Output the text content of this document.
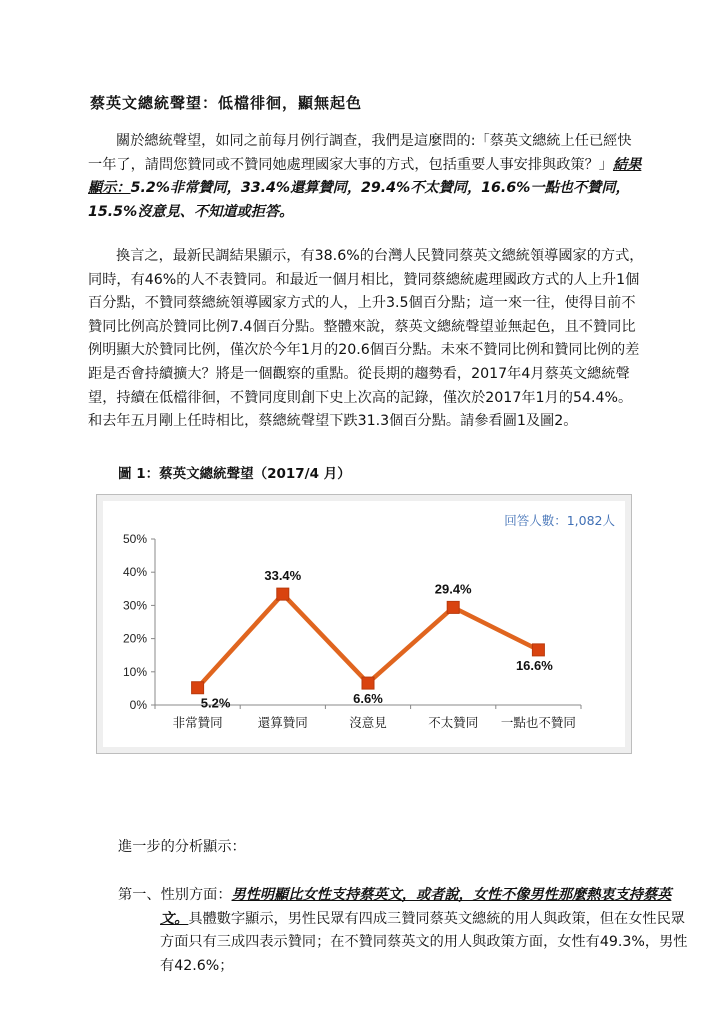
蔡英文總統聲望：低檔徘徊，顯無起色
關於總統聲望，如同之前每月例行調查，我們是這麼問的:「蔡英文總統上任已經快一年了，請問您贊同或不贊同她處理國家大事的方式，包括重要人事安排與政策？」結果顯示：5.2%非常贊同，33.4%還算贊同，29.4%不太贊同，16.6%一點也不贊同，15.5%沒意見、不知道或拒答。
換言之，最新民調結果顯示，有38.6%的台灣人民贊同蔡英文總統領導國家的方式，同時，有46%的人不表贊同。和最近一個月相比，贊同蔡總統處理國政方式的人上升1個百分點，不贊同蔡總統領導國家方式的人，上升3.5個百分點；這一來一往，使得目前不贊同比例高於贊同比例7.4個百分點。整體來說，蔡英文總統聲望並無起色，且不贊同比例明顯大於贊同比例，僅次於今年1月的20.6個百分點。未來不贊同比例和贊同比例的差距是否會持續擴大？將是一個觀察的重點。從長期的趨勢看，2017年4月蔡英文總統聲望，持續在低檔徘徊，不贊同度則創下史上次高的記錄，僅次於2017年1月的54.4%。和去年五月剛上任時相比，蔡總統聲望下跌31.3個百分點。請參看圖1及圖2。
圖 1：蔡英文總統聲望（2017/4 月）
0%
10%
20%
30%
40%
50%
非常贊同	還算贊同	沒意見	不太贊同 一點也不贊同
5.2%
33.4%
6.6%
29.4%
16.6%
回答人數：1,082人
進一步的分析顯示：
第一、性別方面：男性明顯比女性支持蔡英文，或者說，女性不像男性那麼熱衷支持蔡英文。具體數字顯示，男性民眾有四成三贊同蔡英文總統的用人與政策，但在女性民眾方面只有三成四表示贊同；在不贊同蔡英文的用人與政策方面，女性有49.3%，男性有42.6%；
